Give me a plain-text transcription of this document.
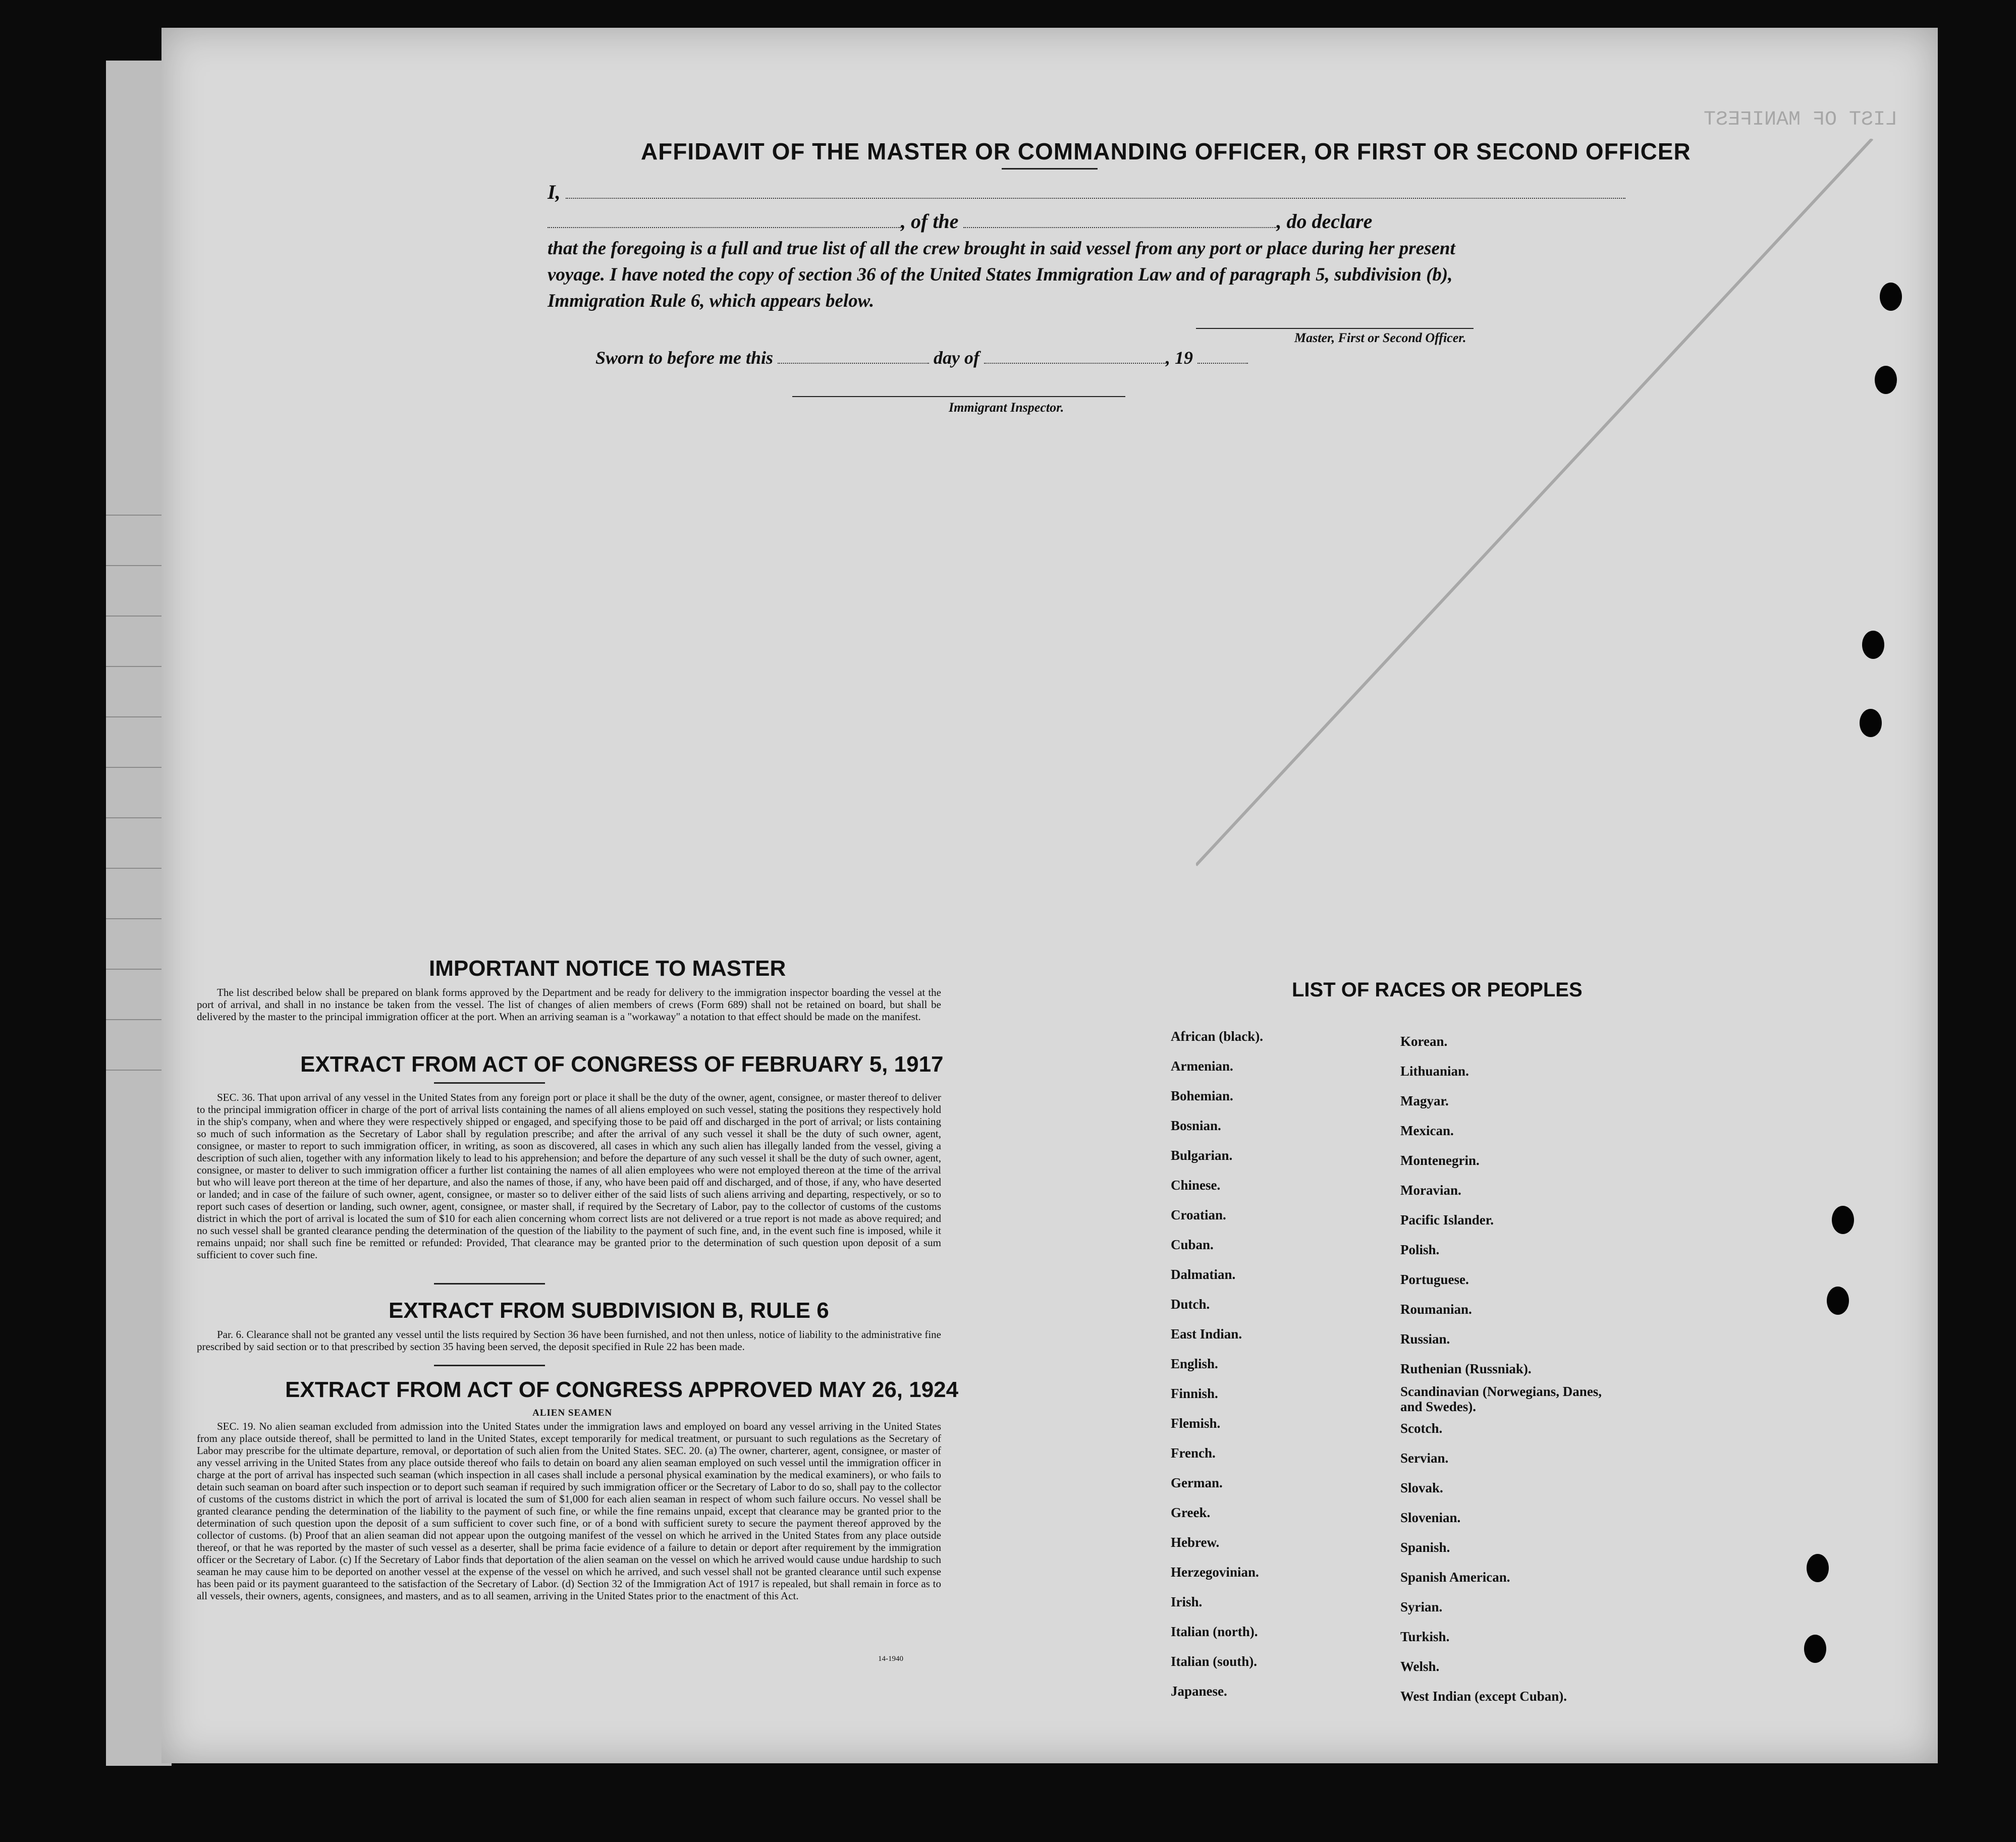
LIST OF MANIFEST
AFFIDAVIT OF THE MASTER OR COMMANDING OFFICER, OR FIRST OR SECOND OFFICER
I,
, of the	, do declare
that the foregoing is a full and true list of all the crew brought in said vessel from any port or place during her present
voyage. I have noted the copy of section 36 of the United States Immigration Law and of paragraph 5, subdivision (b),
Immigration Rule 6, which appears below.
Master, First or Second Officer.
Sworn to before me this	day of	, 19
Immigrant Inspector.
IMPORTANT NOTICE TO MASTER
The list described below shall be prepared on blank forms approved by the Department and be ready for delivery to the immigration inspector boarding the vessel at the port of arrival, and shall in no instance be taken from the vessel. The list of changes of alien members of crews (Form 689) shall not be retained on board, but shall be delivered by the master to the principal immigration officer at the port. When an arriving seaman is a "workaway" a notation to that effect should be made on the manifest.
EXTRACT FROM ACT OF CONGRESS OF FEBRUARY 5, 1917
SEC. 36. That upon arrival of any vessel in the United States from any foreign port or place it shall be the duty of the owner, agent, consignee, or master thereof to deliver to the principal immigration officer in charge of the port of arrival lists containing the names of all aliens employed on such vessel, stating the positions they respectively hold in the ship's company, when and where they were respectively shipped or engaged, and specifying those to be paid off and discharged in the port of arrival; or lists containing so much of such information as the Secretary of Labor shall by regulation prescribe; and after the arrival of any such vessel it shall be the duty of such owner, agent, consignee, or master to report to such immigration officer, in writing, as soon as discovered, all cases in which any such alien has illegally landed from the vessel, giving a description of such alien, together with any information likely to lead to his apprehension; and before the departure of any such vessel it shall be the duty of such owner, agent, consignee, or master to deliver to such immigration officer a further list containing the names of all alien employees who were not employed thereon at the time of the arrival but who will leave port thereon at the time of her departure, and also the names of those, if any, who have been paid off and discharged, and of those, if any, who have deserted or landed; and in case of the failure of such owner, agent, consignee, or master so to deliver either of the said lists of such aliens arriving and departing, respectively, or so to report such cases of desertion or landing, such owner, agent, consignee, or master shall, if required by the Secretary of Labor, pay to the collector of customs of the customs district in which the port of arrival is located the sum of $10 for each alien concerning whom correct lists are not delivered or a true report is not made as above required; and no such vessel shall be granted clearance pending the determination of the question of the liability to the payment of such fine, and, in the event such fine is imposed, while it remains unpaid; nor shall such fine be remitted or refunded: Provided, That clearance may be granted prior to the determination of such question upon deposit of a sum sufficient to cover such fine.
EXTRACT FROM SUBDIVISION B, RULE 6
Par. 6. Clearance shall not be granted any vessel until the lists required by Section 36 have been furnished, and not then unless, notice of liability to the administrative fine prescribed by said section or to that prescribed by section 35 having been served, the deposit specified in Rule 22 has been made.
EXTRACT FROM ACT OF CONGRESS APPROVED MAY 26, 1924
ALIEN SEAMEN
SEC. 19. No alien seaman excluded from admission into the United States under the immigration laws and employed on board any vessel arriving in the United States from any place outside thereof, shall be permitted to land in the United States, except temporarily for medical treatment, or pursuant to such regulations as the Secretary of Labor may prescribe for the ultimate departure, removal, or deportation of such alien from the United States. SEC. 20. (a) The owner, charterer, agent, consignee, or master of any vessel arriving in the United States from any place outside thereof who fails to detain on board any alien seaman employed on such vessel until the immigration officer in charge at the port of arrival has inspected such seaman (which inspection in all cases shall include a personal physical examination by the medical examiners), or who fails to detain such seaman on board after such inspection or to deport such seaman if required by such immigration officer or the Secretary of Labor to do so, shall pay to the collector of customs of the customs district in which the port of arrival is located the sum of $1,000 for each alien seaman in respect of whom such failure occurs. No vessel shall be granted clearance pending the determination of the liability to the payment of such fine, or while the fine remains unpaid, except that clearance may be granted prior to the determination of such question upon the deposit of a sum sufficient to cover such fine, or of a bond with sufficient surety to secure the payment thereof approved by the collector of customs. (b) Proof that an alien seaman did not appear upon the outgoing manifest of the vessel on which he arrived in the United States from any place outside thereof, or that he was reported by the master of such vessel as a deserter, shall be prima facie evidence of a failure to detain or deport after requirement by the immigration officer or the Secretary of Labor. (c) If the Secretary of Labor finds that deportation of the alien seaman on the vessel on which he arrived would cause undue hardship to such seaman he may cause him to be deported on another vessel at the expense of the vessel on which he arrived, and such vessel shall not be granted clearance until such expense has been paid or its payment guaranteed to the satisfaction of the Secretary of Labor. (d) Section 32 of the Immigration Act of 1917 is repealed, but shall remain in force as to all vessels, their owners, agents, consignees, and masters, and as to all seamen, arriving in the United States prior to the enactment of this Act.
14-1940
LIST OF RACES OR PEOPLES
African (black).
Armenian.
Bohemian.
Bosnian.
Bulgarian.
Chinese.
Croatian.
Cuban.
Dalmatian.
Dutch.
East Indian.
English.
Finnish.
Flemish.
French.
German.
Greek.
Hebrew.
Herzegovinian.
Irish.
Italian (north).
Italian (south).
Japanese.
Korean.
Lithuanian.
Magyar.
Mexican.
Montenegrin.
Moravian.
Pacific Islander.
Polish.
Portuguese.
Roumanian.
Russian.
Ruthenian (Russniak).
Scandinavian (Norwegians, Danes, and Swedes).
Scotch.
Servian.
Slovak.
Slovenian.
Spanish.
Spanish American.
Syrian.
Turkish.
Welsh.
West Indian (except Cuban).
